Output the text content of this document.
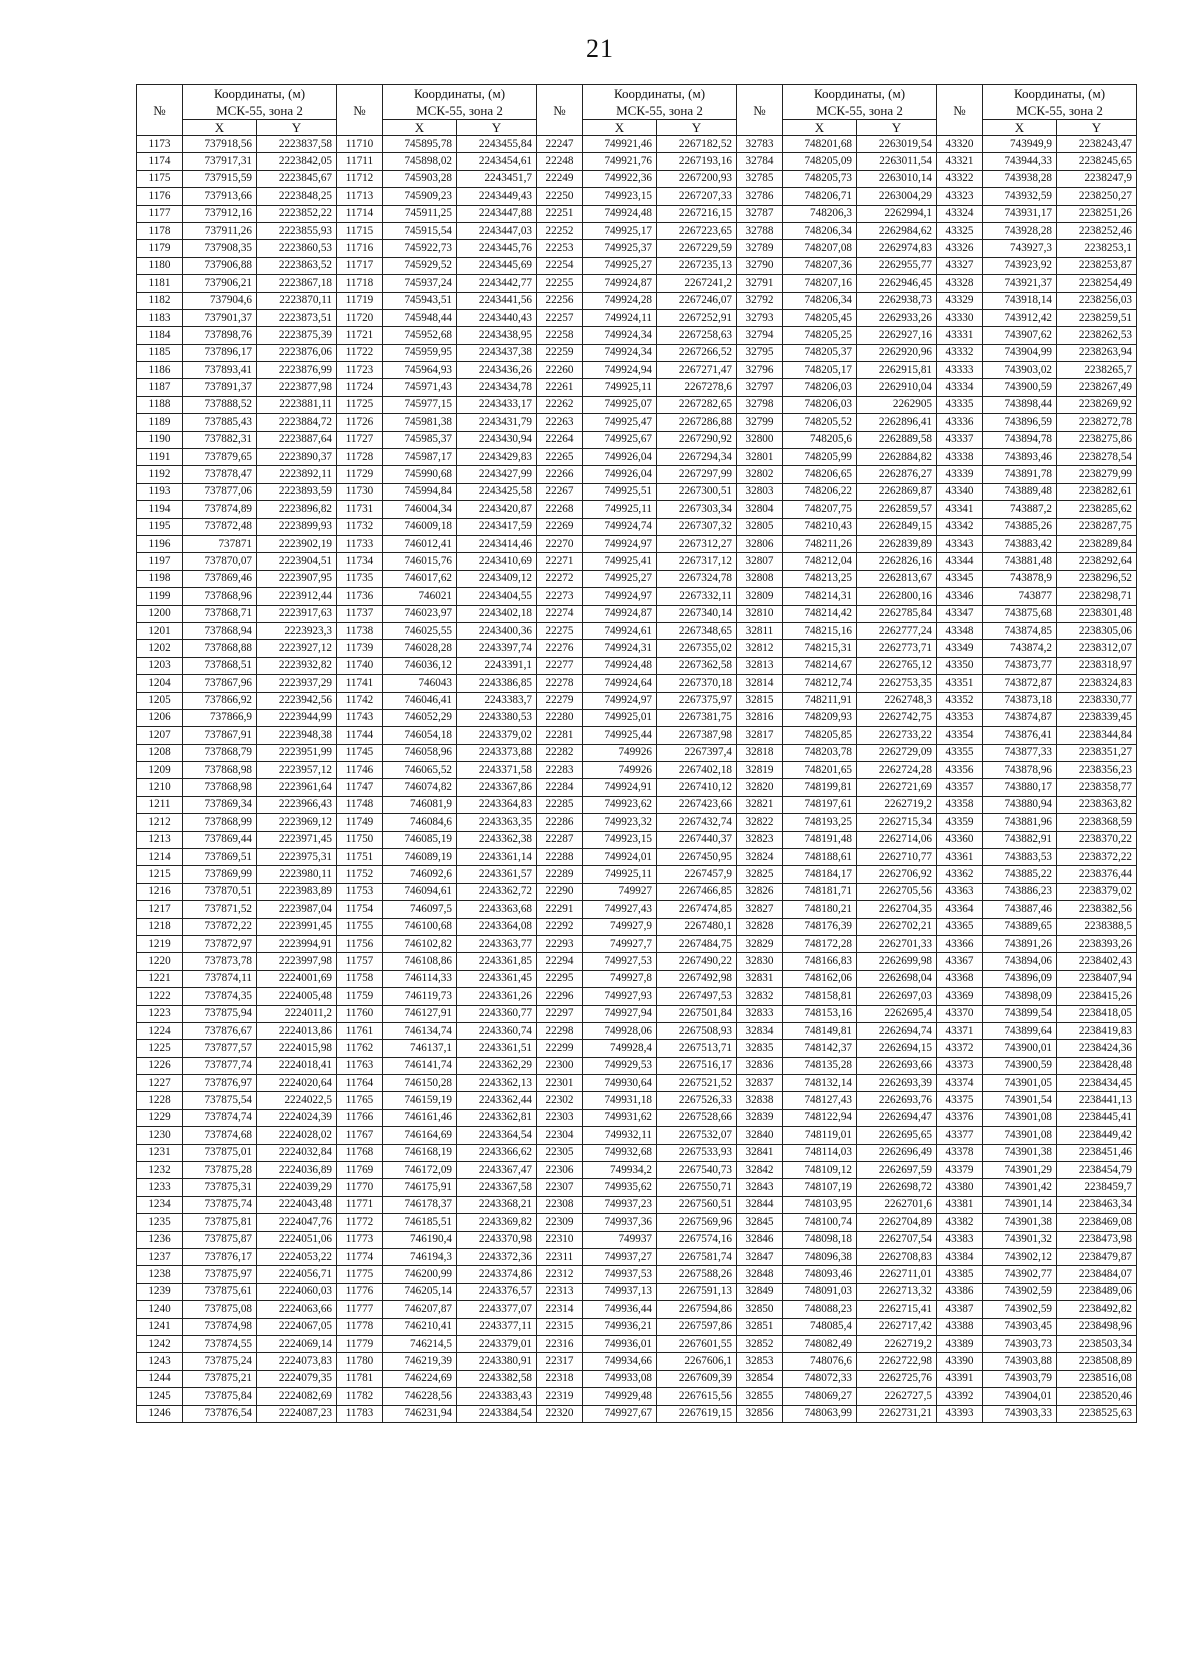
21
№	Координаты, (м)		№	Координаты, (м)		№	Координаты, (м)		№	Координаты, (м)		№	Координаты, (м)	
	МСК-55, зона 2			МСК-55, зона 2			МСК-55, зона 2			МСК-55, зона 2			МСК-55, зона 2	
	X	Y		X	Y		X	Y		X	Y		X	Y
1173	737918,56	2223837,58	11710	745895,78	2243455,84	22247	749921,46	2267182,52	32783	748201,68	2263019,54	43320	743949,9	2238243,47
1174	737917,31	2223842,05	11711	745898,02	2243454,61	22248	749921,76	2267193,16	32784	748205,09	2263011,54	43321	743944,33	2238245,65
1175	737915,59	2223845,67	11712	745903,28	2243451,7	22249	749922,36	2267200,93	32785	748205,73	2263010,14	43322	743938,28	2238247,9
1176	737913,66	2223848,25	11713	745909,23	2243449,43	22250	749923,15	2267207,33	32786	748206,71	2263004,29	43323	743932,59	2238250,27
1177	737912,16	2223852,22	11714	745911,25	2243447,88	22251	749924,48	2267216,15	32787	748206,3	2262994,1	43324	743931,17	2238251,26
1178	737911,26	2223855,93	11715	745915,54	2243447,03	22252	749925,17	2267223,65	32788	748206,34	2262984,62	43325	743928,28	2238252,46
1179	737908,35	2223860,53	11716	745922,73	2243445,76	22253	749925,37	2267229,59	32789	748207,08	2262974,83	43326	743927,3	2238253,1
1180	737906,88	2223863,52	11717	745929,52	2243445,69	22254	749925,27	2267235,13	32790	748207,36	2262955,77	43327	743923,92	2238253,87
1181	737906,21	2223867,18	11718	745937,24	2243442,77	22255	749924,87	2267241,2	32791	748207,16	2262946,45	43328	743921,37	2238254,49
1182	737904,6	2223870,11	11719	745943,51	2243441,56	22256	749924,28	2267246,07	32792	748206,34	2262938,73	43329	743918,14	2238256,03
1183	737901,37	2223873,51	11720	745948,44	2243440,43	22257	749924,11	2267252,91	32793	748205,45	2262933,26	43330	743912,42	2238259,51
1184	737898,76	2223875,39	11721	745952,68	2243438,95	22258	749924,34	2267258,63	32794	748205,25	2262927,16	43331	743907,62	2238262,53
1185	737896,17	2223876,06	11722	745959,95	2243437,38	22259	749924,34	2267266,52	32795	748205,37	2262920,96	43332	743904,99	2238263,94
1186	737893,41	2223876,99	11723	745964,93	2243436,26	22260	749924,94	2267271,47	32796	748205,17	2262915,81	43333	743903,02	2238265,7
1187	737891,37	2223877,98	11724	745971,43	2243434,78	22261	749925,11	2267278,6	32797	748206,03	2262910,04	43334	743900,59	2238267,49
1188	737888,52	2223881,11	11725	745977,15	2243433,17	22262	749925,07	2267282,65	32798	748206,03	2262905	43335	743898,44	2238269,92
1189	737885,43	2223884,72	11726	745981,38	2243431,79	22263	749925,47	2267286,88	32799	748205,52	2262896,41	43336	743896,59	2238272,78
1190	737882,31	2223887,64	11727	745985,37	2243430,94	22264	749925,67	2267290,92	32800	748205,6	2262889,58	43337	743894,78	2238275,86
1191	737879,65	2223890,37	11728	745987,17	2243429,83	22265	749926,04	2267294,34	32801	748205,99	2262884,82	43338	743893,46	2238278,54
1192	737878,47	2223892,11	11729	745990,68	2243427,99	22266	749926,04	2267297,99	32802	748206,65	2262876,27	43339	743891,78	2238279,99
1193	737877,06	2223893,59	11730	745994,84	2243425,58	22267	749925,51	2267300,51	32803	748206,22	2262869,87	43340	743889,48	2238282,61
1194	737874,89	2223896,82	11731	746004,34	2243420,87	22268	749925,11	2267303,34	32804	748207,75	2262859,57	43341	743887,2	2238285,62
1195	737872,48	2223899,93	11732	746009,18	2243417,59	22269	749924,74	2267307,32	32805	748210,43	2262849,15	43342	743885,26	2238287,75
1196	737871	2223902,19	11733	746012,41	2243414,46	22270	749924,97	2267312,27	32806	748211,26	2262839,89	43343	743883,42	2238289,84
1197	737870,07	2223904,51	11734	746015,76	2243410,69	22271	749925,41	2267317,12	32807	748212,04	2262826,16	43344	743881,48	2238292,64
1198	737869,46	2223907,95	11735	746017,62	2243409,12	22272	749925,27	2267324,78	32808	748213,25	2262813,67	43345	743878,9	2238296,52
1199	737868,96	2223912,44	11736	746021	2243404,55	22273	749924,97	2267332,11	32809	748214,31	2262800,16	43346	743877	2238298,71
1200	737868,71	2223917,63	11737	746023,97	2243402,18	22274	749924,87	2267340,14	32810	748214,42	2262785,84	43347	743875,68	2238301,48
1201	737868,94	2223923,3	11738	746025,55	2243400,36	22275	749924,61	2267348,65	32811	748215,16	2262777,24	43348	743874,85	2238305,06
1202	737868,88	2223927,12	11739	746028,28	2243397,74	22276	749924,31	2267355,02	32812	748215,31	2262773,71	43349	743874,2	2238312,07
1203	737868,51	2223932,82	11740	746036,12	2243391,1	22277	749924,48	2267362,58	32813	748214,67	2262765,12	43350	743873,77	2238318,97
1204	737867,96	2223937,29	11741	746043	2243386,85	22278	749924,64	2267370,18	32814	748212,74	2262753,35	43351	743872,87	2238324,83
1205	737866,92	2223942,56	11742	746046,41	2243383,7	22279	749924,97	2267375,97	32815	748211,91	2262748,3	43352	743873,18	2238330,77
1206	737866,9	2223944,99	11743	746052,29	2243380,53	22280	749925,01	2267381,75	32816	748209,93	2262742,75	43353	743874,87	2238339,45
1207	737867,91	2223948,38	11744	746054,18	2243379,02	22281	749925,44	2267387,98	32817	748205,85	2262733,22	43354	743876,41	2238344,84
1208	737868,79	2223951,99	11745	746058,96	2243373,88	22282	749926	2267397,4	32818	748203,78	2262729,09	43355	743877,33	2238351,27
1209	737868,98	2223957,12	11746	746065,52	2243371,58	22283	749926	2267402,18	32819	748201,65	2262724,28	43356	743878,96	2238356,23
1210	737868,98	2223961,64	11747	746074,82	2243367,86	22284	749924,91	2267410,12	32820	748199,81	2262721,69	43357	743880,17	2238358,77
1211	737869,34	2223966,43	11748	746081,9	2243364,83	22285	749923,62	2267423,66	32821	748197,61	2262719,2	43358	743880,94	2238363,82
1212	737868,99	2223969,12	11749	746084,6	2243363,35	22286	749923,32	2267432,74	32822	748193,25	2262715,34	43359	743881,96	2238368,59
1213	737869,44	2223971,45	11750	746085,19	2243362,38	22287	749923,15	2267440,37	32823	748191,48	2262714,06	43360	743882,91	2238370,22
1214	737869,51	2223975,31	11751	746089,19	2243361,14	22288	749924,01	2267450,95	32824	748188,61	2262710,77	43361	743883,53	2238372,22
1215	737869,99	2223980,11	11752	746092,6	2243361,57	22289	749925,11	2267457,9	32825	748184,17	2262706,92	43362	743885,22	2238376,44
1216	737870,51	2223983,89	11753	746094,61	2243362,72	22290	749927	2267466,85	32826	748181,71	2262705,56	43363	743886,23	2238379,02
1217	737871,52	2223987,04	11754	746097,5	2243363,68	22291	749927,43	2267474,85	32827	748180,21	2262704,35	43364	743887,46	2238382,56
1218	737872,22	2223991,45	11755	746100,68	2243364,08	22292	749927,9	2267480,1	32828	748176,39	2262702,21	43365	743889,65	2238388,5
1219	737872,97	2223994,91	11756	746102,82	2243363,77	22293	749927,7	2267484,75	32829	748172,28	2262701,33	43366	743891,26	2238393,26
1220	737873,78	2223997,98	11757	746108,86	2243361,85	22294	749927,53	2267490,22	32830	748166,83	2262699,98	43367	743894,06	2238402,43
1221	737874,11	2224001,69	11758	746114,33	2243361,45	22295	749927,8	2267492,98	32831	748162,06	2262698,04	43368	743896,09	2238407,94
1222	737874,35	2224005,48	11759	746119,73	2243361,26	22296	749927,93	2267497,53	32832	748158,81	2262697,03	43369	743898,09	2238415,26
1223	737875,94	2224011,2	11760	746127,91	2243360,77	22297	749927,94	2267501,84	32833	748153,16	2262695,4	43370	743899,54	2238418,05
1224	737876,67	2224013,86	11761	746134,74	2243360,74	22298	749928,06	2267508,93	32834	748149,81	2262694,74	43371	743899,64	2238419,83
1225	737877,57	2224015,98	11762	746137,1	2243361,51	22299	749928,4	2267513,71	32835	748142,37	2262694,15	43372	743900,01	2238424,36
1226	737877,74	2224018,41	11763	746141,74	2243362,29	22300	749929,53	2267516,17	32836	748135,28	2262693,66	43373	743900,59	2238428,48
1227	737876,97	2224020,64	11764	746150,28	2243362,13	22301	749930,64	2267521,52	32837	748132,14	2262693,39	43374	743901,05	2238434,45
1228	737875,54	2224022,5	11765	746159,19	2243362,44	22302	749931,18	2267526,33	32838	748127,43	2262693,76	43375	743901,54	2238441,13
1229	737874,74	2224024,39	11766	746161,46	2243362,81	22303	749931,62	2267528,66	32839	748122,94	2262694,47	43376	743901,08	2238445,41
1230	737874,68	2224028,02	11767	746164,69	2243364,54	22304	749932,11	2267532,07	32840	748119,01	2262695,65	43377	743901,08	2238449,42
1231	737875,01	2224032,84	11768	746168,19	2243366,62	22305	749932,68	2267533,93	32841	748114,03	2262696,49	43378	743901,38	2238451,46
1232	737875,28	2224036,89	11769	746172,09	2243367,47	22306	749934,2	2267540,73	32842	748109,12	2262697,59	43379	743901,29	2238454,79
1233	737875,31	2224039,29	11770	746175,91	2243367,58	22307	749935,62	2267550,71	32843	748107,19	2262698,72	43380	743901,42	2238459,7
1234	737875,74	2224043,48	11771	746178,37	2243368,21	22308	749937,23	2267560,51	32844	748103,95	2262701,6	43381	743901,14	2238463,34
1235	737875,81	2224047,76	11772	746185,51	2243369,82	22309	749937,36	2267569,96	32845	748100,74	2262704,89	43382	743901,38	2238469,08
1236	737875,87	2224051,06	11773	746190,4	2243370,98	22310	749937	2267574,16	32846	748098,18	2262707,54	43383	743901,32	2238473,98
1237	737876,17	2224053,22	11774	746194,3	2243372,36	22311	749937,27	2267581,74	32847	748096,38	2262708,83	43384	743902,12	2238479,87
1238	737875,97	2224056,71	11775	746200,99	2243374,86	22312	749937,53	2267588,26	32848	748093,46	2262711,01	43385	743902,77	2238484,07
1239	737875,61	2224060,03	11776	746205,14	2243376,57	22313	749937,13	2267591,13	32849	748091,03	2262713,32	43386	743902,59	2238489,06
1240	737875,08	2224063,66	11777	746207,87	2243377,07	22314	749936,44	2267594,86	32850	748088,23	2262715,41	43387	743902,59	2238492,82
1241	737874,98	2224067,05	11778	746210,41	2243377,11	22315	749936,21	2267597,86	32851	748085,4	2262717,42	43388	743903,45	2238498,96
1242	737874,55	2224069,14	11779	746214,5	2243379,01	22316	749936,01	2267601,55	32852	748082,49	2262719,2	43389	743903,73	2238503,34
1243	737875,24	2224073,83	11780	746219,39	2243380,91	22317	749934,66	2267606,1	32853	748076,6	2262722,98	43390	743903,88	2238508,89
1244	737875,21	2224079,35	11781	746224,69	2243382,58	22318	749933,08	2267609,39	32854	748072,33	2262725,76	43391	743903,79	2238516,08
1245	737875,84	2224082,69	11782	746228,56	2243383,43	22319	749929,48	2267615,56	32855	748069,27	2262727,5	43392	743904,01	2238520,46
1246	737876,54	2224087,23	11783	746231,94	2243384,54	22320	749927,67	2267619,15	32856	748063,99	2262731,21	43393	743903,33	2238525,63
